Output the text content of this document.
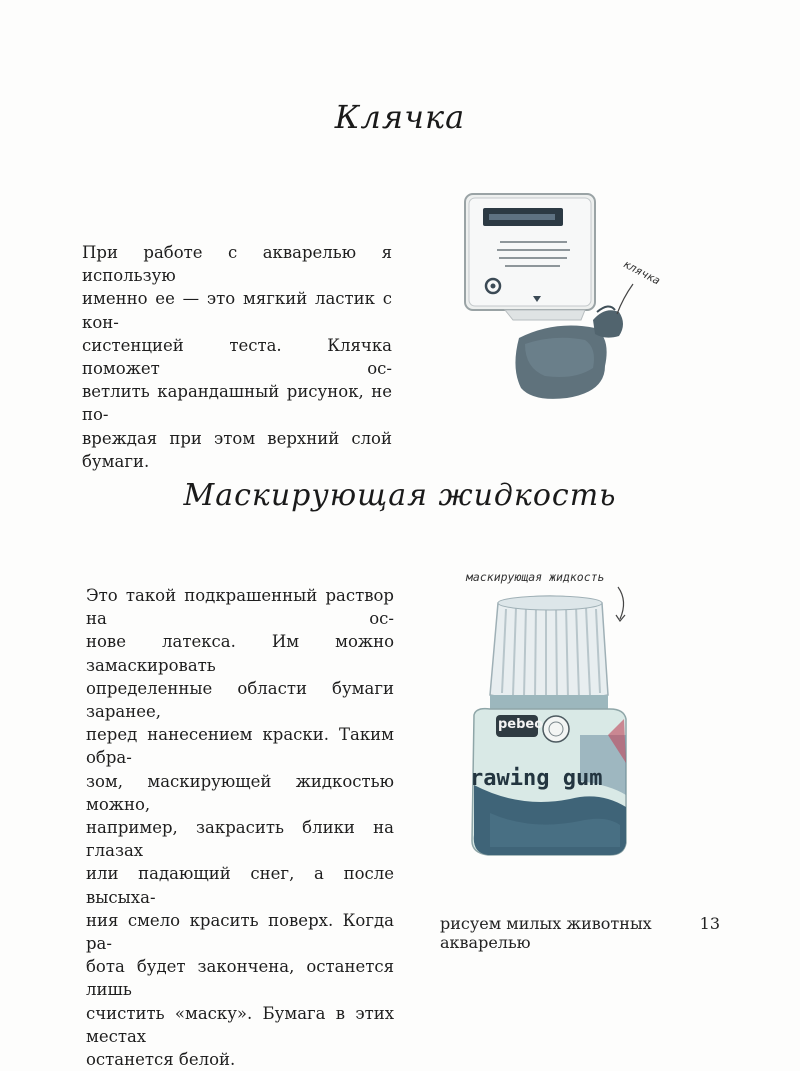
Клячка
При работе с акварелью я использую
именно ее — это мягкий ластик с кон-
систенцией теста. Клячка поможет ос-
ветлить карандашный рисунок, не по-
вреждая при этом верхний слой бумаги.
клячка
Маскирующая жидкость
Это такой подкрашенный раствор на ос-
нове латекса. Им можно замаскировать
определенные области бумаги заранее,
перед нанесением краски. Таким обра-
зом, маскирующей жидкостью можно,
например, закрасить блики на глазах
или падающий снег, а после высыха-
ния смело красить поверх. Когда ра-
бота будет закончена, останется лишь
счистить «маску». Бумага в этих местах
останется белой.
маскирующая жидкость
pebeo
rawing gum
рисуем милых животных акварелью
13
